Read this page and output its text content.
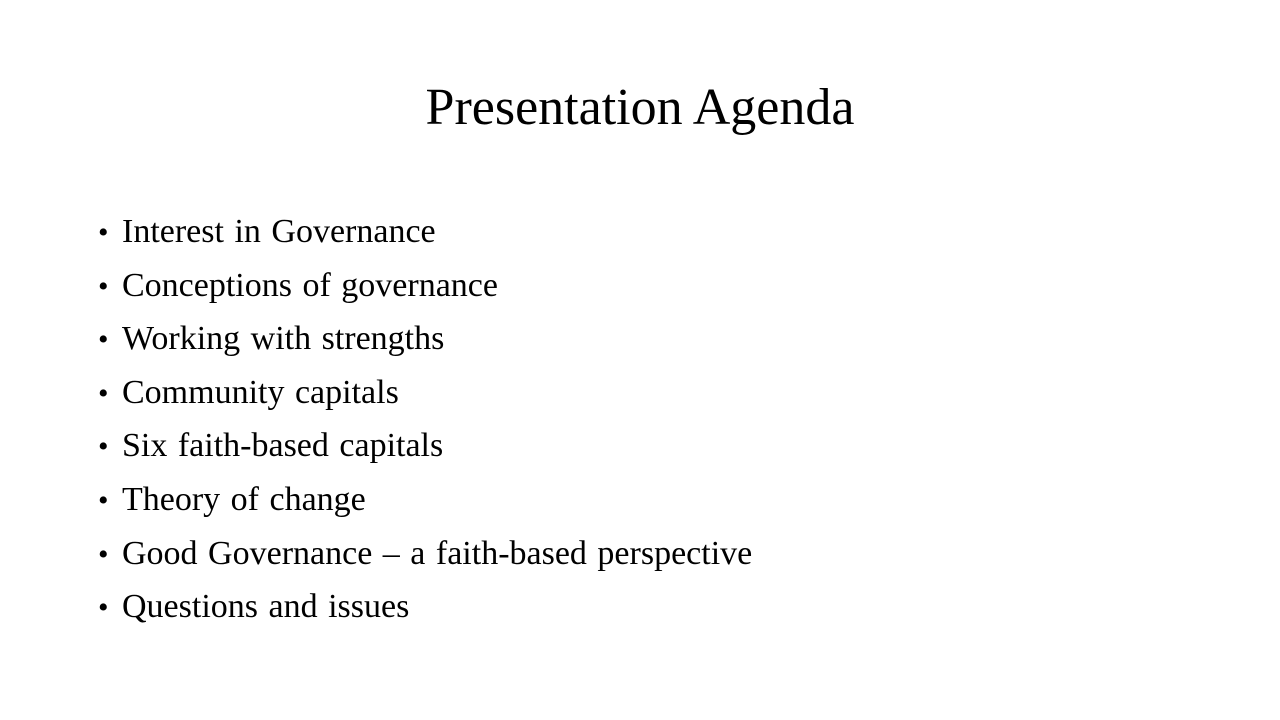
Presentation Agenda
• Interest in Governance
• Conceptions of governance
• Working with strengths
• Community capitals
• Six faith-based capitals
• Theory of change
• Good Governance – a faith-based perspective
• Questions and issues
